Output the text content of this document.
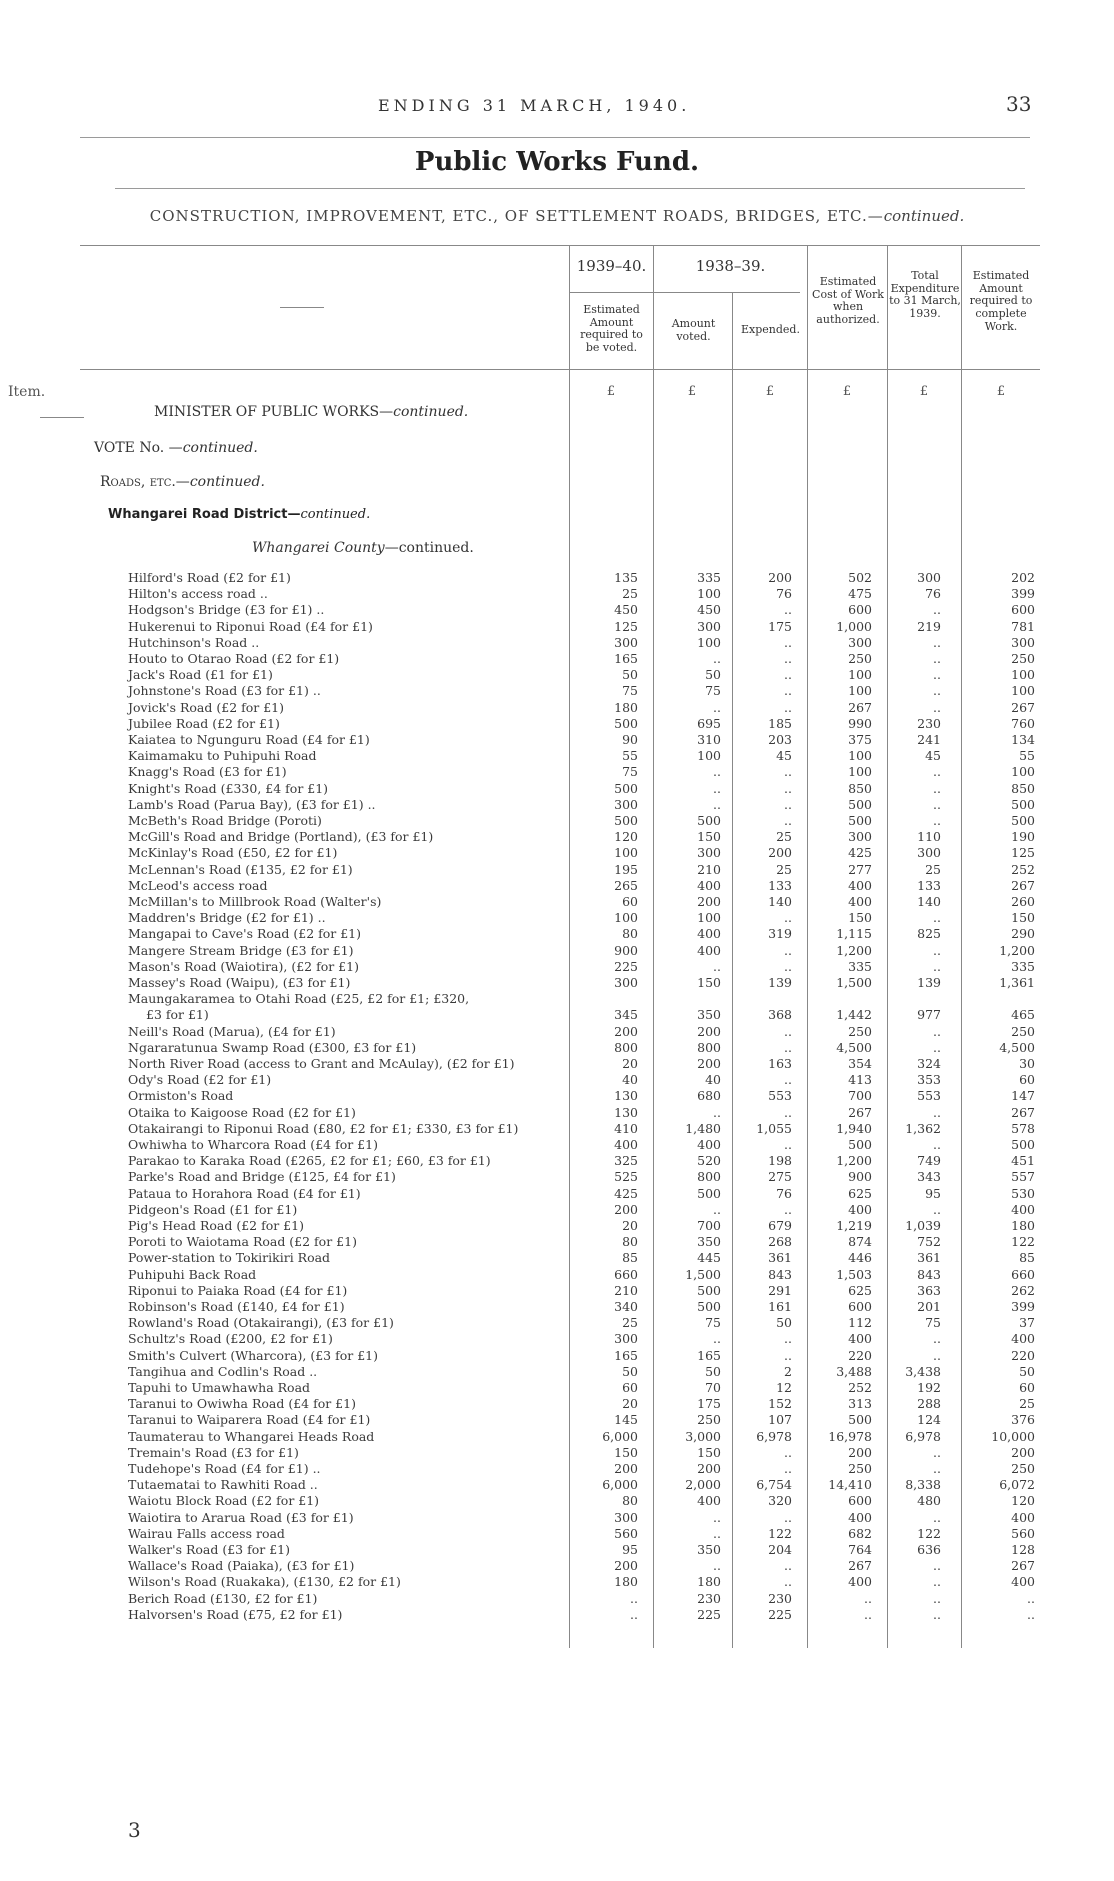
ENDING 31 MARCH, 1940.	33
Public Works Fund.
CONSTRUCTION, IMPROVEMENT, ETC., OF SETTLEMENT ROADS, BRIDGES, ETC.—continued.
1939–40.	1938–39.
Estimated Amount required to be voted.
Amount voted.
Expended.
Estimated Cost of Work when authorized.
Total Expenditure to 31 March, 1939.
Estimated Amount required to complete Work.
Item.	£	£	£	£	£	£
MINISTER OF PUBLIC WORKS—continued.
VOTE No. —continued.
Roads, etc.—continued.
Whangarei Road District—continued.
Whangarei County—continued.
Hilford's Road (£2 for £1)	135	335	200	502	300	202
Hilton's access road ..	25	100	76	475	76	399
Hodgson's Bridge (£3 for £1) ..	450	450	..	600	..	600
Hukerenui to Riponui Road (£4 for £1)	125	300	175	1,000	219	781
Hutchinson's Road ..	300	100	..	300	..	300
Houto to Otarao Road (£2 for £1)	165	..	..	250	..	250
Jack's Road (£1 for £1)	50	50	..	100	..	100
Johnstone's Road (£3 for £1) ..	75	75	..	100	..	100
Jovick's Road (£2 for £1)	180	..	..	267	..	267
Jubilee Road (£2 for £1)	500	695	185	990	230	760
Kaiatea to Ngunguru Road (£4 for £1)	90	310	203	375	241	134
Kaimamaku to Puhipuhi Road	55	100	45	100	45	55
Knagg's Road (£3 for £1)	75	..	..	100	..	100
Knight's Road (£330, £4 for £1)	500	..	..	850	..	850
Lamb's Road (Parua Bay), (£3 for £1) ..	300	..	..	500	..	500
McBeth's Road Bridge (Poroti)	500	500	..	500	..	500
McGill's Road and Bridge (Portland), (£3 for £1)	120	150	25	300	110	190
McKinlay's Road (£50, £2 for £1)	100	300	200	425	300	125
McLennan's Road (£135, £2 for £1)	195	210	25	277	25	252
McLeod's access road	265	400	133	400	133	267
McMillan's to Millbrook Road (Walter's)	60	200	140	400	140	260
Maddren's Bridge (£2 for £1) ..	100	100	..	150	..	150
Mangapai to Cave's Road (£2 for £1)	80	400	319	1,115	825	290
Mangere Stream Bridge (£3 for £1)	900	400	..	1,200	..	1,200
Mason's Road (Waiotira), (£2 for £1)	225	..	..	335	..	335
Massey's Road (Waipu), (£3 for £1)	300	150	139	1,500	139	1,361
Maungakaramea to Otahi Road (£25, £2 for £1; £320,
£3 for £1)	345	350	368	1,442	977	465
Neill's Road (Marua), (£4 for £1)	200	200	..	250	..	250
Ngararatunua Swamp Road (£300, £3 for £1)	800	800	..	4,500	..	4,500
North River Road (access to Grant and McAulay), (£2 for £1)	20	200	163	354	324	30
Ody's Road (£2 for £1)	40	40	..	413	353	60
Ormiston's Road	130	680	553	700	553	147
Otaika to Kaigoose Road (£2 for £1)	130	..	..	267	..	267
Otakairangi to Riponui Road (£80, £2 for £1; £330, £3 for £1)	410	1,480	1,055	1,940	1,362	578
Owhiwha to Wharcora Road (£4 for £1)	400	400	..	500	..	500
Parakao to Karaka Road (£265, £2 for £1; £60, £3 for £1)	325	520	198	1,200	749	451
Parke's Road and Bridge (£125, £4 for £1)	525	800	275	900	343	557
Pataua to Horahora Road (£4 for £1)	425	500	76	625	95	530
Pidgeon's Road (£1 for £1)	200	..	..	400	..	400
Pig's Head Road (£2 for £1)	20	700	679	1,219	1,039	180
Poroti to Waiotama Road (£2 for £1)	80	350	268	874	752	122
Power-station to Tokirikiri Road	85	445	361	446	361	85
Puhipuhi Back Road	660	1,500	843	1,503	843	660
Riponui to Paiaka Road (£4 for £1)	210	500	291	625	363	262
Robinson's Road (£140, £4 for £1)	340	500	161	600	201	399
Rowland's Road (Otakairangi), (£3 for £1)	25	75	50	112	75	37
Schultz's Road (£200, £2 for £1)	300	..	..	400	..	400
Smith's Culvert (Wharcora), (£3 for £1)	165	165	..	220	..	220
Tangihua and Codlin's Road ..	50	50	2	3,488	3,438	50
Tapuhi to Umawhawha Road	60	70	12	252	192	60
Taranui to Owiwha Road (£4 for £1)	20	175	152	313	288	25
Taranui to Waiparera Road (£4 for £1)	145	250	107	500	124	376
Taumaterau to Whangarei Heads Road	6,000	3,000	6,978	16,978	6,978	10,000
Tremain's Road (£3 for £1)	150	150	..	200	..	200
Tudehope's Road (£4 for £1) ..	200	200	..	250	..	250
Tutaematai to Rawhiti Road ..	6,000	2,000	6,754	14,410	8,338	6,072
Waiotu Block Road (£2 for £1)	80	400	320	600	480	120
Waiotira to Ararua Road (£3 for £1)	300	..	..	400	..	400
Wairau Falls access road	560	..	122	682	122	560
Walker's Road (£3 for £1)	95	350	204	764	636	128
Wallace's Road (Paiaka), (£3 for £1)	200	..	..	267	..	267
Wilson's Road (Ruakaka), (£130, £2 for £1)	180	180	..	400	..	400
Berich Road (£130, £2 for £1)	..	230	230	..	..	..
Halvorsen's Road (£75, £2 for £1)	..	225	225	..	..	..
3
